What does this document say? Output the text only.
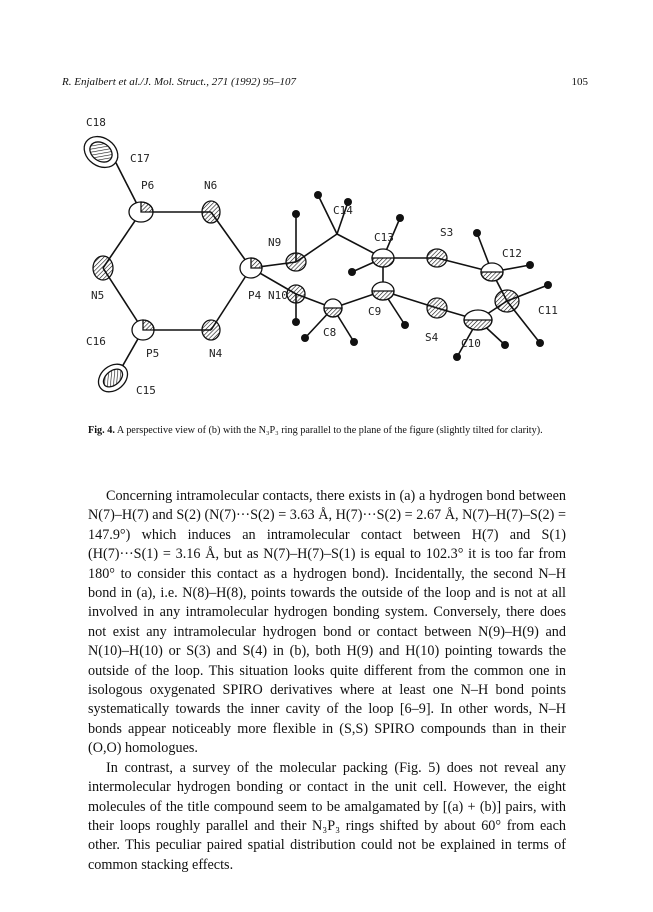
R. Enjalbert et al./J. Mol. Struct., 271 (1992) 95–107	105
C18
C17
P6	N6
N5
C16
P5	N4
C15
P4
N9
N10
C14
C13
C8
C9
S3
S4
C12
C11
C10
Fig. 4. A perspective view of (b) with the N₃P₃ ring parallel to the plane of the figure (slightly tilted for clarity).

Concerning intramolecular contacts, there exists in (a) a hydrogen bond between N(7)–H(7) and S(2) (N(7)···S(2) = 3.63 Å, H(7)···S(2) = 2.67 Å, N(7)–H(7)–S(2) = 147.9°) which induces an intramolecular contact between H(7) and S(1) (H(7)···S(1) = 3.16 Å, but as N(7)–H(7)–S(1) is equal to 102.3° it is too far from 180° to consider this contact as a hydrogen bond). Incidentally, the second N–H bond in (a), i.e. N(8)–H(8), points towards the outside of the loop and is not at all involved in any intramolecular hydrogen bonding system. Conversely, there does not exist any intramolecular hydrogen bond or contact between N(9)–H(9) and N(10)–H(10) or S(3) and S(4) in (b), both H(9) and H(10) pointing towards the outside of the loop. This situation looks quite different from the common one in isologous oxygenated SPIRO derivatives where at least one N–H bond points systematically towards the inner cavity of the loop [6–9]. In other words, N–H bonds appear noticeably more flexible in (S,S) SPIRO compounds than in their (O,O) homologues.

In contrast, a survey of the molecular packing (Fig. 5) does not reveal any intermolecular hydrogen bonding or contact in the unit cell. However, the eight molecules of the title compound seem to be amalgamated by [(a) + (b)] pairs, with their loops roughly parallel and their N₃P₃ rings shifted by about 60° from each other. This peculiar paired spatial distribution could not be explained in terms of common stacking effects.
